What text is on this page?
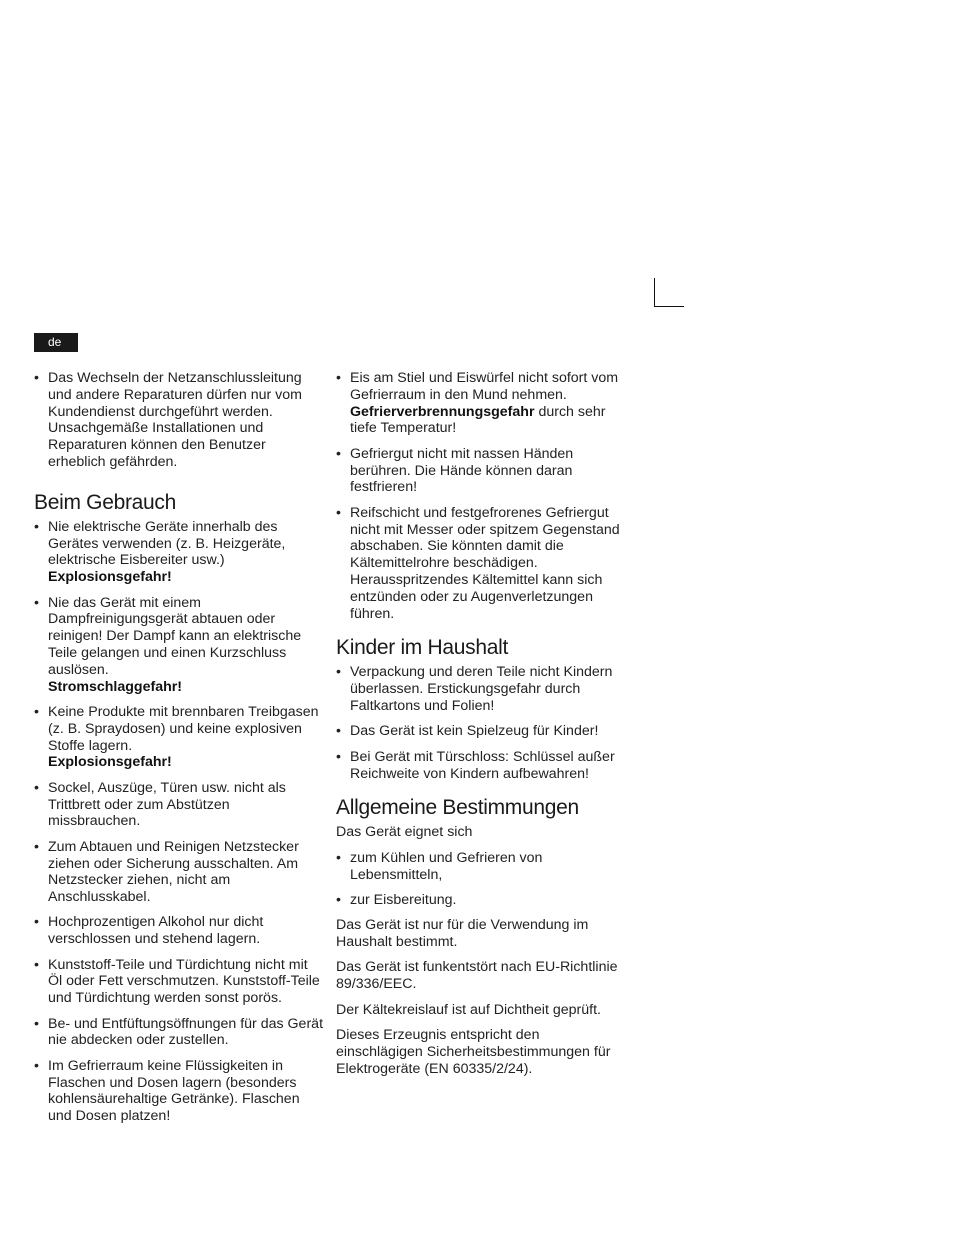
de
• Das Wechseln der Netzanschlussleitung und andere Reparaturen dürfen nur vom Kundendienst durchgeführt werden. Unsachgemäße Installationen und Reparaturen können den Benutzer erheblich gefährden.
Beim Gebrauch
• Nie elektrische Geräte innerhalb des Gerätes verwenden (z. B. Heizgeräte, elektrische Eisbereiter usw.)
Explosionsgefahr!
• Nie das Gerät mit einem Dampfreinigungsgerät abtauen oder reinigen! Der Dampf kann an elektrische Teile gelangen und einen Kurzschluss auslösen.
Stromschlaggefahr!
• Keine Produkte mit brennbaren Treibgasen (z. B. Spraydosen) und keine explosiven Stoffe lagern.
Explosionsgefahr!
• Sockel, Auszüge, Türen usw. nicht als Trittbrett oder zum Abstützen missbrauchen.
• Zum Abtauen und Reinigen Netzstecker ziehen oder Sicherung ausschalten. Am Netzstecker ziehen, nicht am Anschlusskabel.
• Hochprozentigen Alkohol nur dicht verschlossen und stehend lagern.
• Kunststoff-Teile und Türdichtung nicht mit Öl oder Fett verschmutzen. Kunststoff-Teile und Türdichtung werden sonst porös.
• Be- und Entfüftungsöffnungen für das Gerät nie abdecken oder zustellen.
• Im Gefrierraum keine Flüssigkeiten in Flaschen und Dosen lagern (besonders kohlensäurehaltige Getränke). Flaschen und Dosen platzen!
• Eis am Stiel und Eiswürfel nicht sofort vom Gefrierraum in den Mund nehmen. Gefrierverbrennungsgefahr durch sehr tiefe Temperatur!
• Gefriergut nicht mit nassen Händen berühren. Die Hände können daran festfrieren!
• Reifschicht und festgefrorenes Gefriergut nicht mit Messer oder spitzem Gegenstand abschaben. Sie könnten damit die Kältemittelrohre beschädigen. Herausspritzendes Kältemittel kann sich entzünden oder zu Augenverletzungen führen.
Kinder im Haushalt
• Verpackung und deren Teile nicht Kindern überlassen. Erstickungsgefahr durch Faltkartons und Folien!
• Das Gerät ist kein Spielzeug für Kinder!
• Bei Gerät mit Türschloss: Schlüssel außer Reichweite von Kindern aufbewahren!
Allgemeine Bestimmungen

Das Gerät eignet sich

• zum Kühlen und Gefrieren von Lebensmitteln,
• zur Eisbereitung.

Das Gerät ist nur für die Verwendung im Haushalt bestimmt.

Das Gerät ist funkentstört nach EU-Richtlinie 89/336/EEC.

Der Kältekreislauf ist auf Dichtheit geprüft.

Dieses Erzeugnis entspricht den einschlägigen Sicherheitsbestimmungen für Elektrogeräte (EN 60335/2/24).
